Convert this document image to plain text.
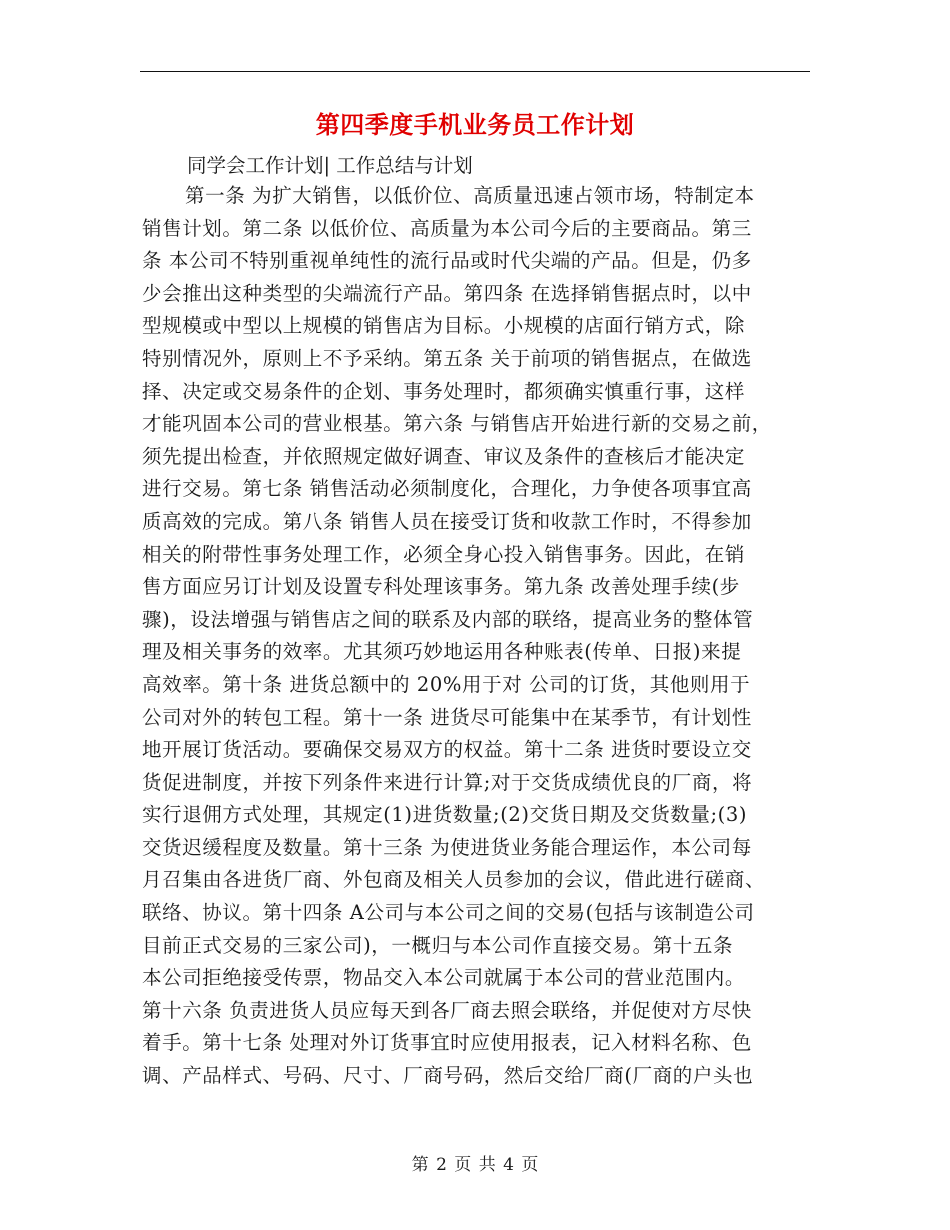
第四季度手机业务员工作计划
同学会工作计划| 工作总结与计划
第一条 为扩大销售，以低价位、高质量迅速占领市场，特制定本
销售计划。第二条 以低价位、高质量为本公司今后的主要商品。第三
条 本公司不特别重视单纯性的流行品或时代尖端的产品。但是，仍多
少会推出这种类型的尖端流行产品。第四条 在选择销售据点时，以中
型规模或中型以上规模的销售店为目标。小规模的店面行销方式，除
特别情况外，原则上不予采纳。第五条 关于前项的销售据点，在做选
择、决定或交易条件的企划、事务处理时，都须确实慎重行事，这样
才能巩固本公司的营业根基。第六条 与销售店开始进行新的交易之前，
须先提出检查，并依照规定做好调查、审议及条件的查核后才能决定
进行交易。第七条 销售活动必须制度化，合理化，力争使各项事宜高
质高效的完成。第八条 销售人员在接受订货和收款工作时，不得参加
相关的附带性事务处理工作，必须全身心投入销售事务。因此，在销
售方面应另订计划及设置专科处理该事务。第九条 改善处理手续(步
骤)，设法增强与销售店之间的联系及内部的联络，提高业务的整体管
理及相关事务的效率。尤其须巧妙地运用各种账表(传单、日报)来提
高效率。第十条 进货总额中的 20%用于对 公司的订货，其他则用于
公司对外的转包工程。第十一条 进货尽可能集中在某季节，有计划性
地开展订货活动。要确保交易双方的权益。第十二条 进货时要设立交
货促进制度，并按下列条件来进行计算;对于交货成绩优良的厂商，将
实行退佣方式处理，其规定(1)进货数量;(2)交货日期及交货数量;(3)
交货迟缓程度及数量。第十三条 为使进货业务能合理运作，本公司每
月召集由各进货厂商、外包商及相关人员参加的会议，借此进行磋商、
联络、协议。第十四条 A公司与本公司之间的交易(包括与该制造公司
目前正式交易的三家公司)，一概归与本公司作直接交易。第十五条
本公司拒绝接受传票，物品交入本公司就属于本公司的营业范围内。
第十六条 负责进货人员应每天到各厂商去照会联络，并促使对方尽快
着手。第十七条 处理对外订货事宜时应使用报表，记入材料名称、色
调、产品样式、号码、尺寸、厂商号码，然后交给厂商(厂商的户头也
第 2 页 共 4 页
